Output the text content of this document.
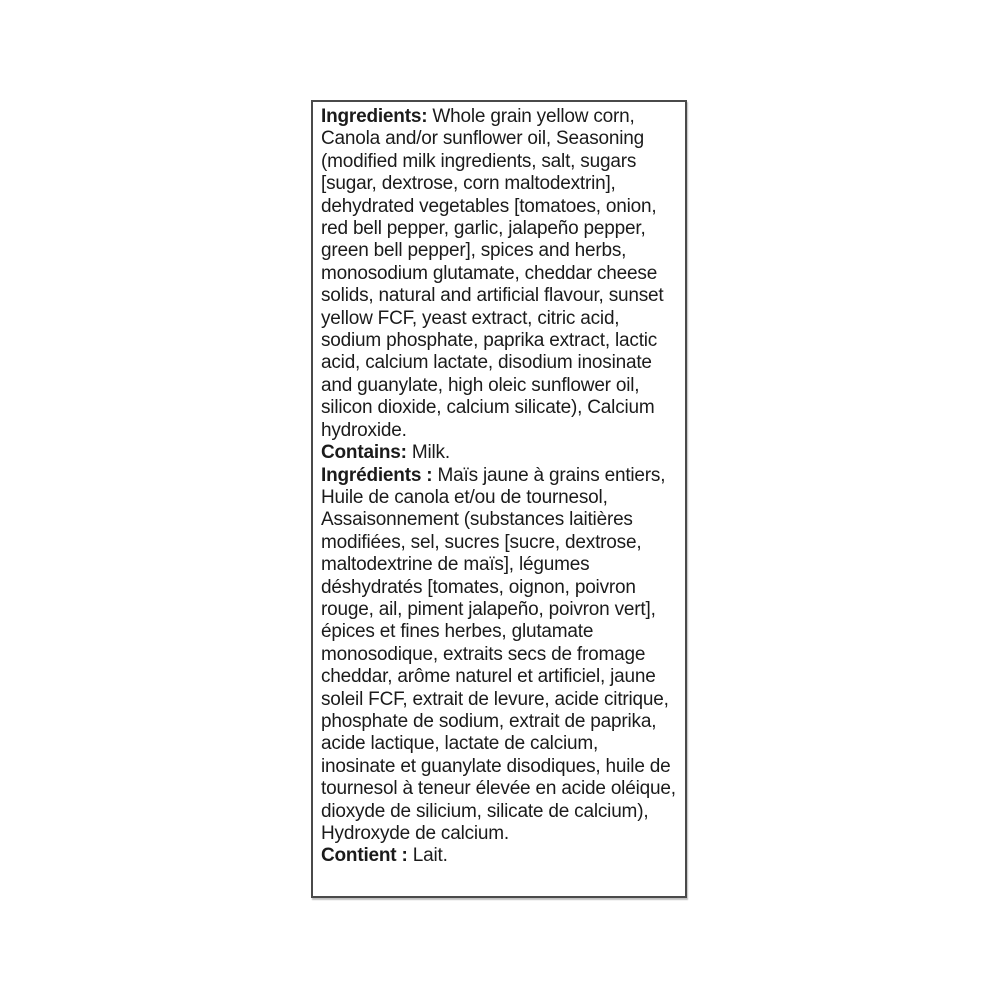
Ingredients: Whole grain yellow corn, Canola and/or sunflower oil, Seasoning (modified milk ingredients, salt, sugars [sugar, dextrose, corn maltodextrin], dehydrated vegetables [tomatoes, onion, red bell pepper, garlic, jalapeño pepper, green bell pepper], spices and herbs, monosodium glutamate, cheddar cheese solids, natural and artificial flavour, sunset yellow FCF, yeast extract, citric acid, sodium phosphate, paprika extract, lactic acid, calcium lactate, disodium inosinate and guanylate, high oleic sunflower oil, silicon dioxide, calcium silicate), Calcium hydroxide.

Contains: Milk.

Ingrédients : Maïs jaune à grains entiers, Huile de canola et/ou de tournesol, Assaisonnement (substances laitières modifiées, sel, sucres [sucre, dextrose, maltodextrine de maïs], légumes déshydratés [tomates, oignon, poivron rouge, ail, piment jalapeño, poivron vert], épices et fines herbes, glutamate monosodique, extraits secs de fromage cheddar, arôme naturel et artificiel, jaune soleil FCF, extrait de levure, acide citrique, phosphate de sodium, extrait de paprika, acide lactique, lactate de calcium, inosinate et guanylate disodiques, huile de tournesol à teneur élevée en acide oléique, dioxyde de silicium, silicate de calcium), Hydroxyde de calcium.

Contient : Lait.
